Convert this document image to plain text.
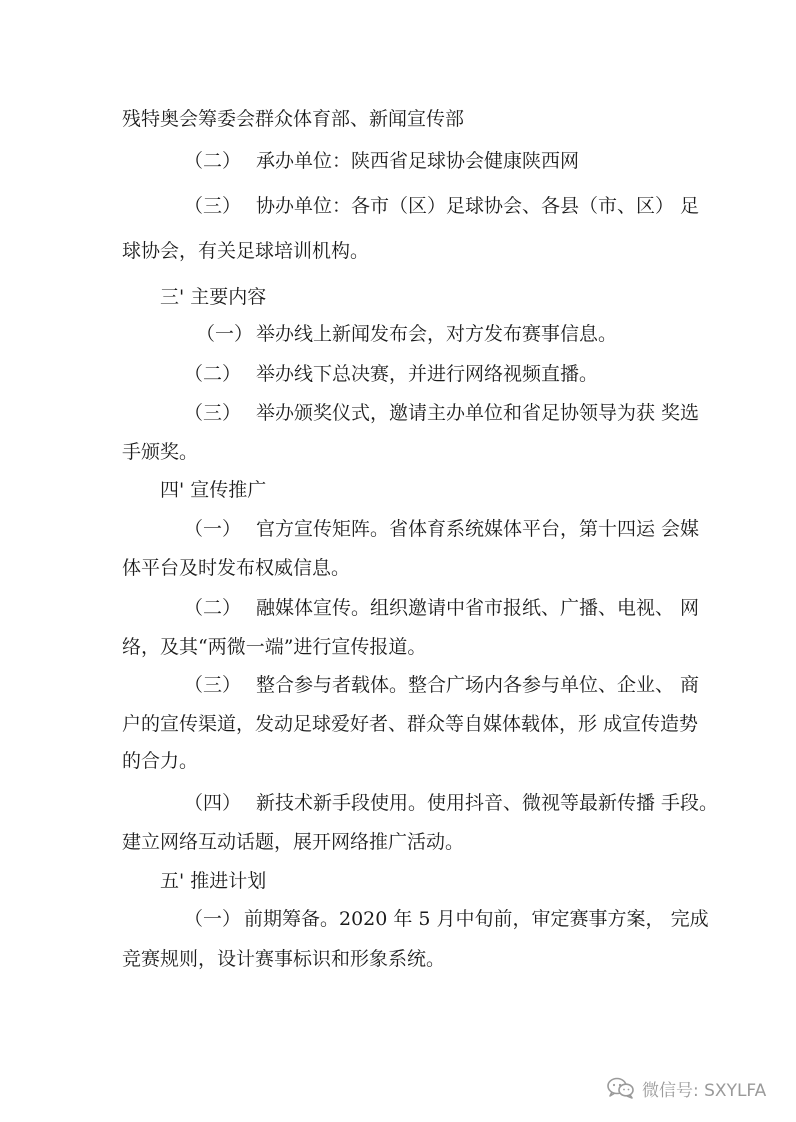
残特奥会筹委会群众体育部、新闻宣传部
（二） 承办单位：陕西省足球协会健康陕西网
（三） 协办单位：各市（区）足球协会、各县（市、区） 足
球协会，有关足球培训机构。
三' 主要内容
（一） 举办线上新闻发布会，对方发布赛事信息。
（二） 举办线下总决赛，并进行网络视频直播。
（三） 举办颁奖仪式，邀请主办单位和省足协领导为获 奖选
手颁奖。
四' 宣传推广
（一） 官方宣传矩阵。省体育系统媒体平台，第十四运 会媒
体平台及时发布权威信息。
（二） 融媒体宣传。组织邀请中省市报纸、广播、电视、 网
络，及其“两微一端”进行宣传报道。
（三） 整合参与者载体。整合广场内各参与单位、企业、 商
户的宣传渠道，发动足球爱好者、群众等自媒体载体，形 成宣传造势
的合力。
（四） 新技术新手段使用。使用抖音、微视等最新传播 手段。
建立网络互动话题，展开网络推广活动。
五' 推进计划
（一） 前期筹备。2020 年 5 月中旬前，审定赛事方案， 完成
竞赛规则，设计赛事标识和形象系统。
微信号: SXYLFA
